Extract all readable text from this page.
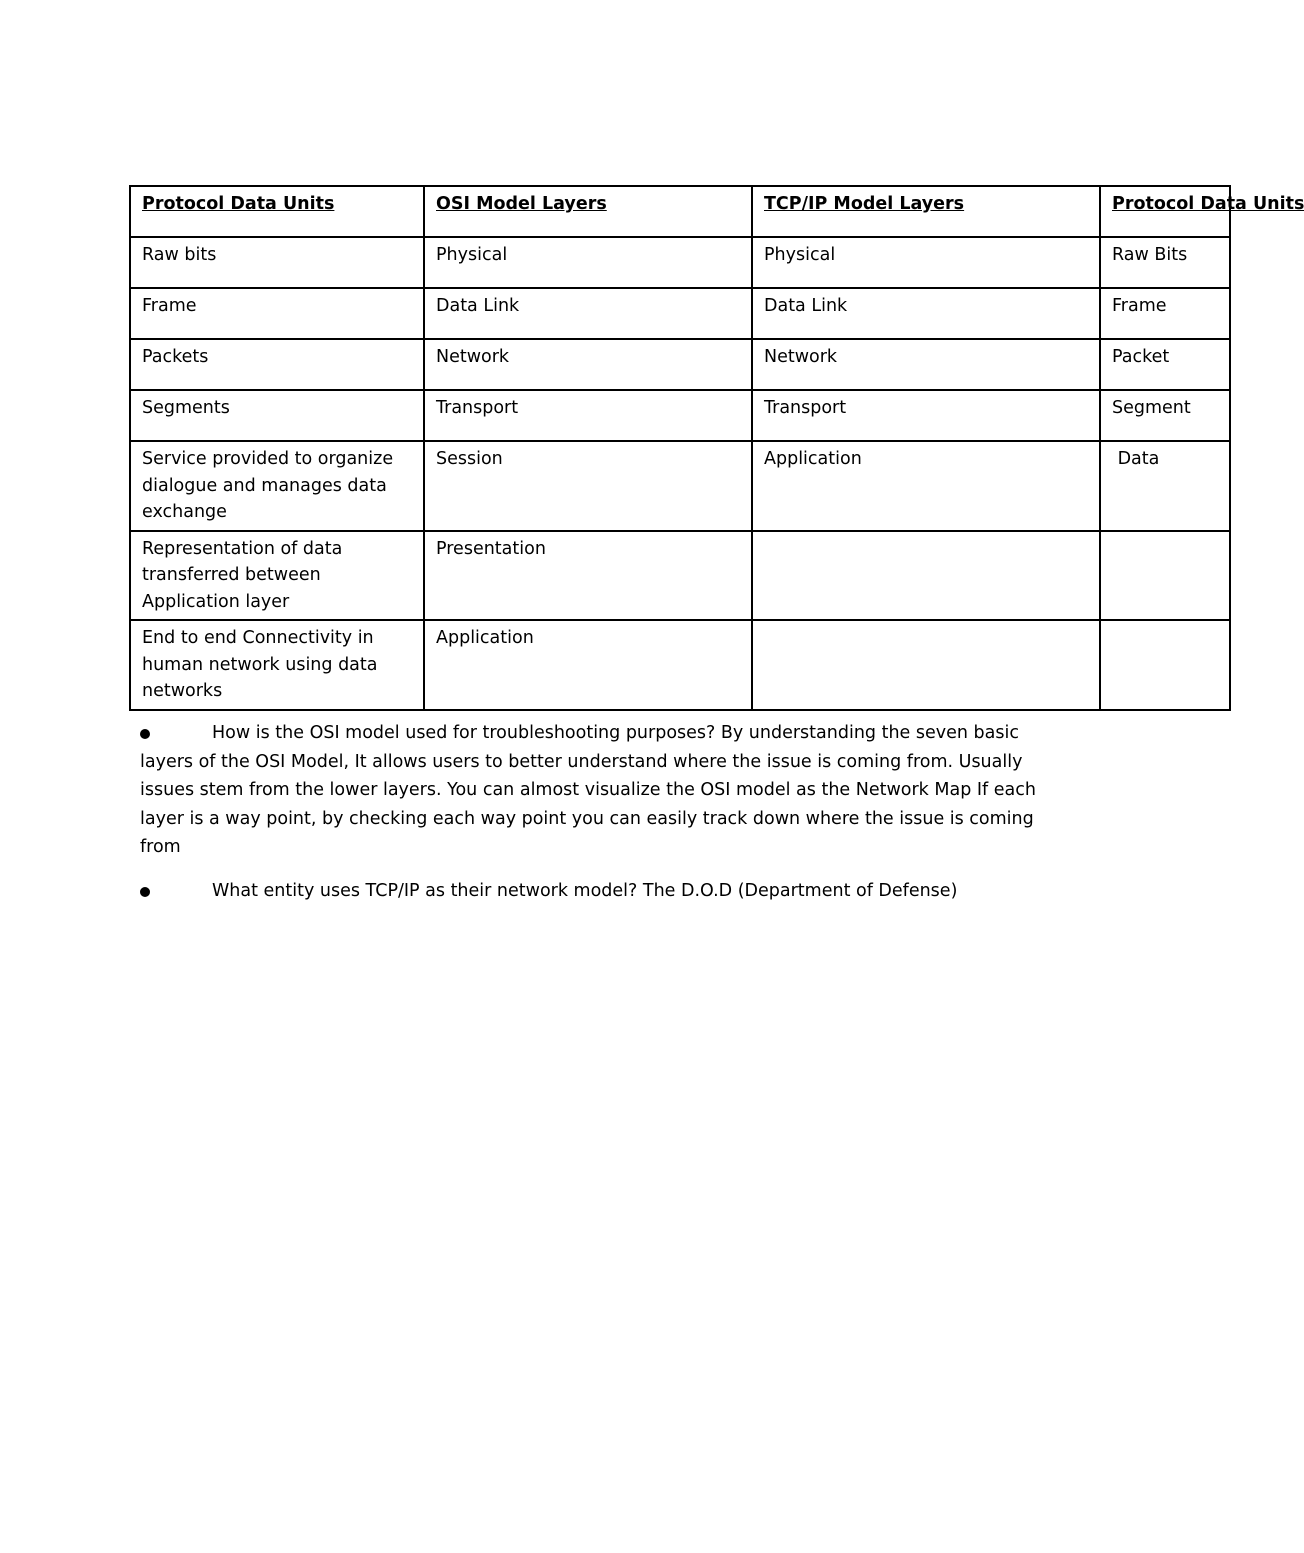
Protocol Data Units	OSI Model Layers	TCP/IP Model Layers	Protocol Data Units
Raw bits	Physical	Physical	Raw Bits
Frame	Data Link	Data Link	Frame
Packets	Network	Network	Packet
Segments	Transport	Transport	Segment
Service provided to organize dialogue and manages data exchange	Session	Application	Data
Representation of data transferred between Application layer	Presentation		
End to end Connectivity in human network using data networks	Application		
How is the OSI model used for troubleshooting purposes? By understanding the seven basic layers of the OSI Model, It allows users to better understand where the issue is coming from. Usually issues stem from the lower layers. You can almost visualize the OSI model as the Network Map If each layer is a way point, by checking each way point you can easily track down where the issue is coming from
What entity uses TCP/IP as their network model? The D.O.D (Department of Defense)
